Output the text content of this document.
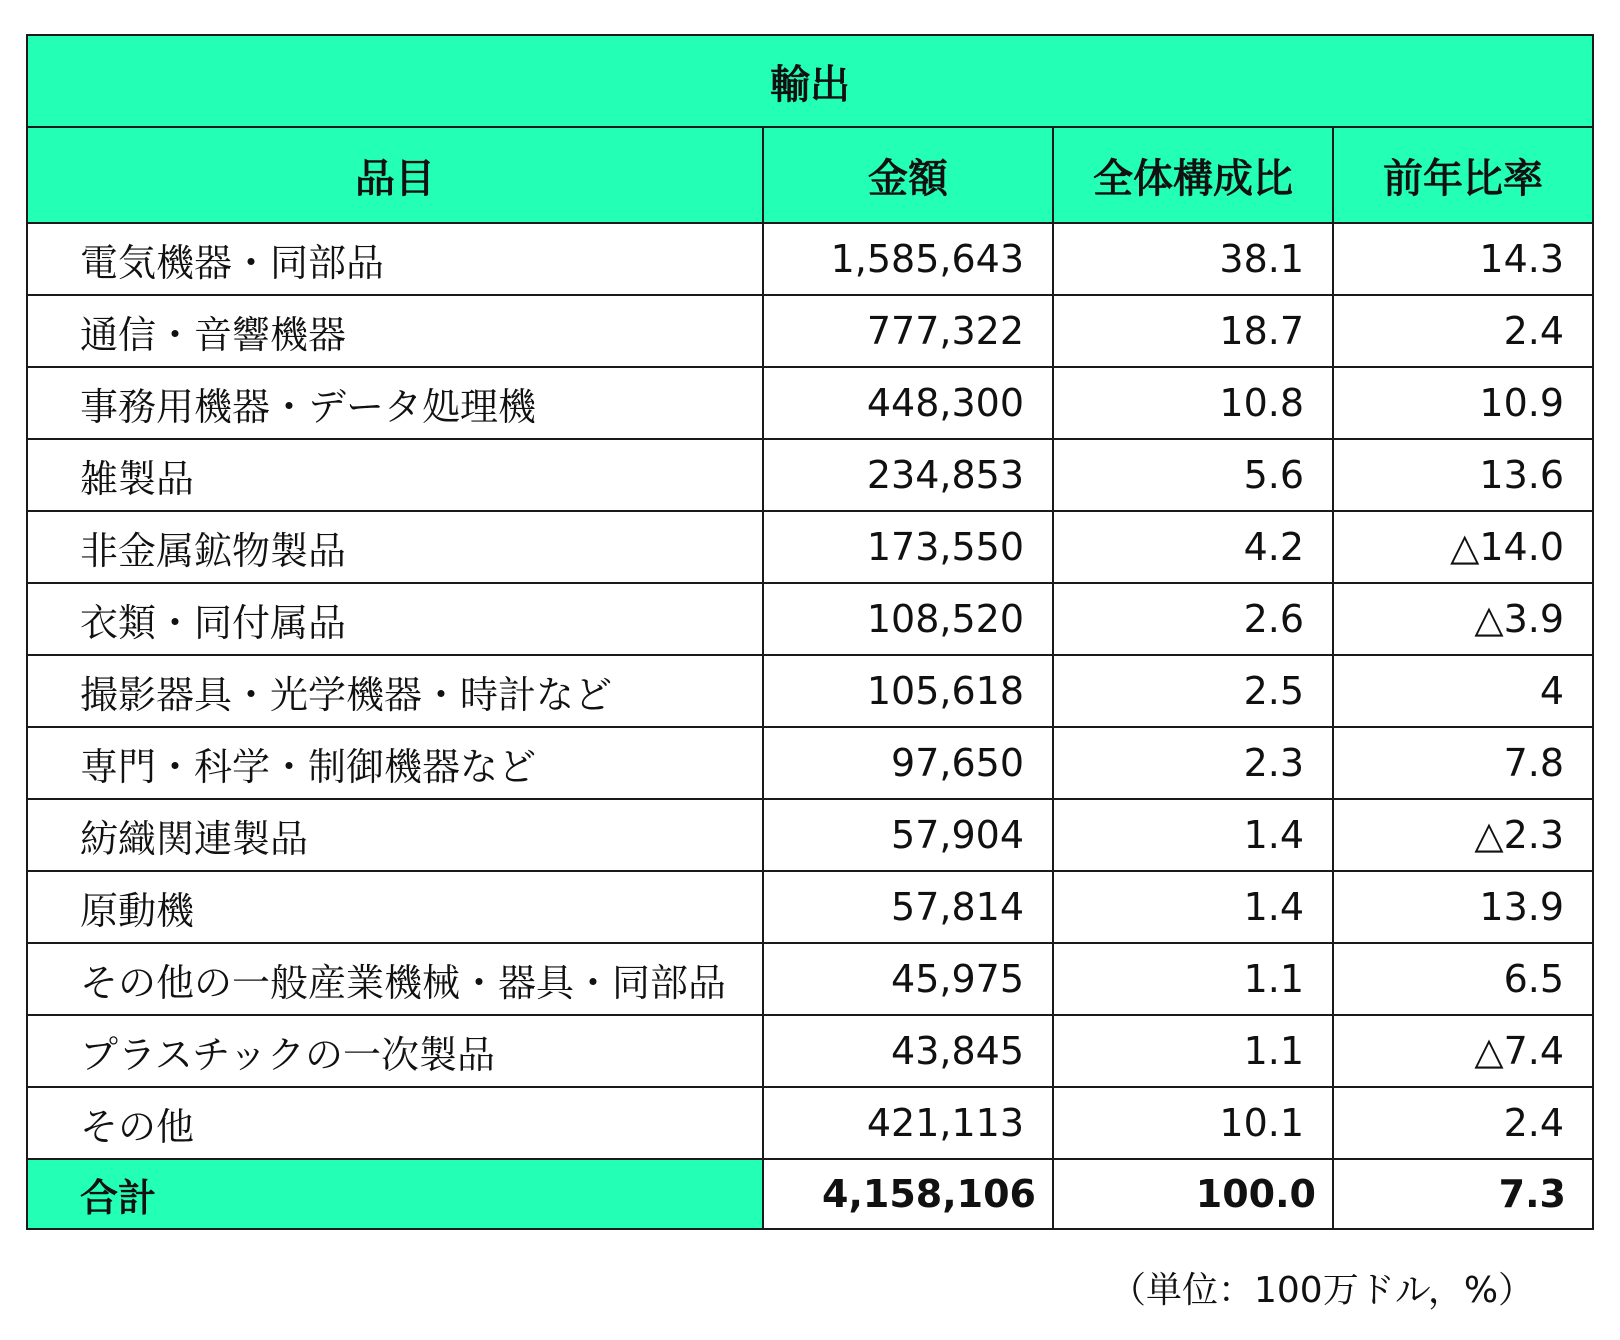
輸出			
品目	金額	全体構成比	前年比率
電気機器・同部品	1,585,643	38.1	14.3
通信・音響機器	777,322	18.7	2.4
事務用機器・データ処理機	448,300	10.8	10.9
雑製品	234,853	5.6	13.6
非金属鉱物製品	173,550	4.2	△14.0
衣類・同付属品	108,520	2.6	△3.9
撮影器具・光学機器・時計など	105,618	2.5	4
専門・科学・制御機器など	97,650	2.3	7.8
紡織関連製品	57,904	1.4	△2.3
原動機	57,814	1.4	13.9
その他の一般産業機械・器具・同部品	45,975	1.1	6.5
プラスチックの一次製品	43,845	1.1	△7.4
その他	421,113	10.1	2.4
合計	4,158,106	100.0	7.3
（単位：100万ドル，%）
